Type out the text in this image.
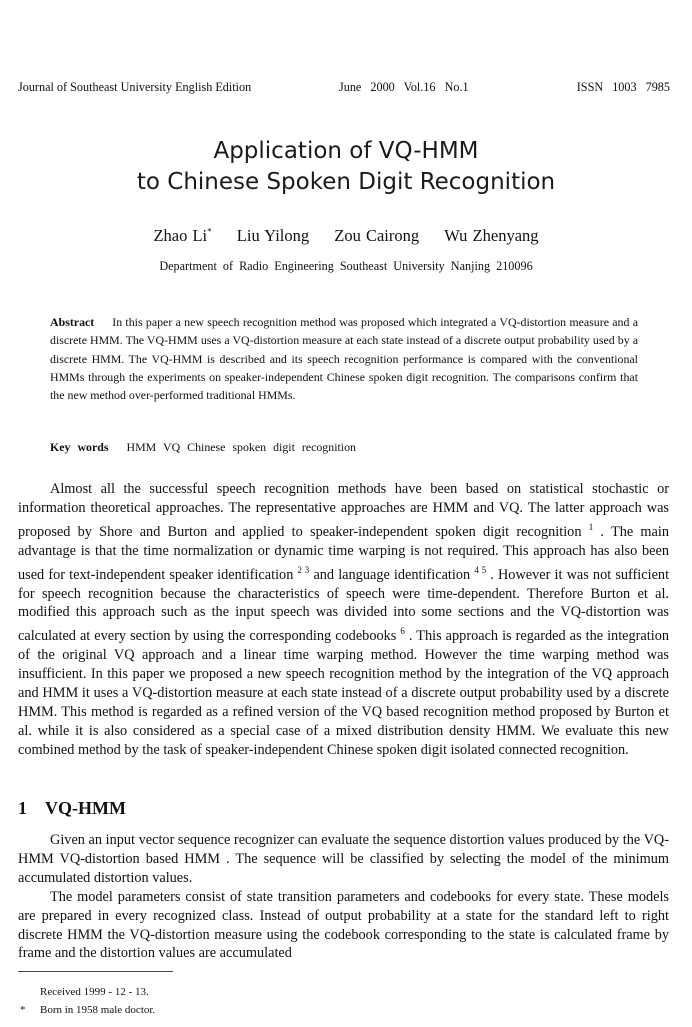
Journal of Southeast University English Edition	June 2000 Vol.16 No.1	ISSN 1003 7985
Application of VQ-HMM
to Chinese Spoken Digit Recognition
Zhao Li* Liu Yilong Zou Cairong Wu Zhenyang
Department of Radio Engineering Southeast University Nanjing 210096
Abstract In this paper a new speech recognition method was proposed which integrated a VQ-distortion measure and a discrete HMM. The VQ-HMM uses a VQ-distortion measure at each state instead of a discrete output probability used by a discrete HMM. The VQ-HMM is described and its speech recognition performance is compared with the conventional HMMs through the experiments on speaker-independent Chinese spoken digit recognition. The comparisons confirm that the new method over-performed traditional HMMs.
Key words HMM VQ Chinese spoken digit recognition

Almost all the successful speech recognition methods have been based on statistical stochastic or information theoretical approaches. The representative approaches are HMM and VQ. The latter approach was proposed by Shore and Burton and applied to speaker-independent spoken digit recognition $^1$ . The main advantage is that the time normalization or dynamic time warping is not required. This approach has also been used for text-independent speaker identification $^{2 3}$ and language identification $^{4 5}$ . However it was not sufficient for speech recognition because the characteristics of speech were time-dependent. Therefore Burton et al. modified this approach such as the input speech was divided into some sections and the VQ-distortion was calculated at every section by using the corresponding codebooks $^6$ . This approach is regarded as the integration of the original VQ approach and a linear time warping method. However the time warping method was insufficient. In this paper we proposed a new speech recognition method by the integration of the VQ approach and HMM it uses a VQ-distortion measure at each state instead of a discrete output probability used by a discrete HMM. This method is regarded as a refined version of the VQ based recognition method proposed by Burton et al. while it is also considered as a special case of a mixed distribution density HMM. We evaluate this new combined method by the task of speaker-independent Chinese spoken digit isolated connected recognition.

1 VQ-HMM

Given an input vector sequence recognizer can evaluate the sequence distortion values produced by the VQ-HMM VQ-distortion based HMM . The sequence will be classified by selecting the model of the minimum accumulated distortion values.

The model parameters consist of state transition parameters and codebooks for every state. These models are prepared in every recognized class. Instead of output probability at a state for the standard left to right discrete HMM the VQ-distortion measure using the codebook corresponding to the state is calculated frame by frame and the distortion values are accumulated

Received 1999 - 12 - 13.
* Born in 1958 male doctor.
